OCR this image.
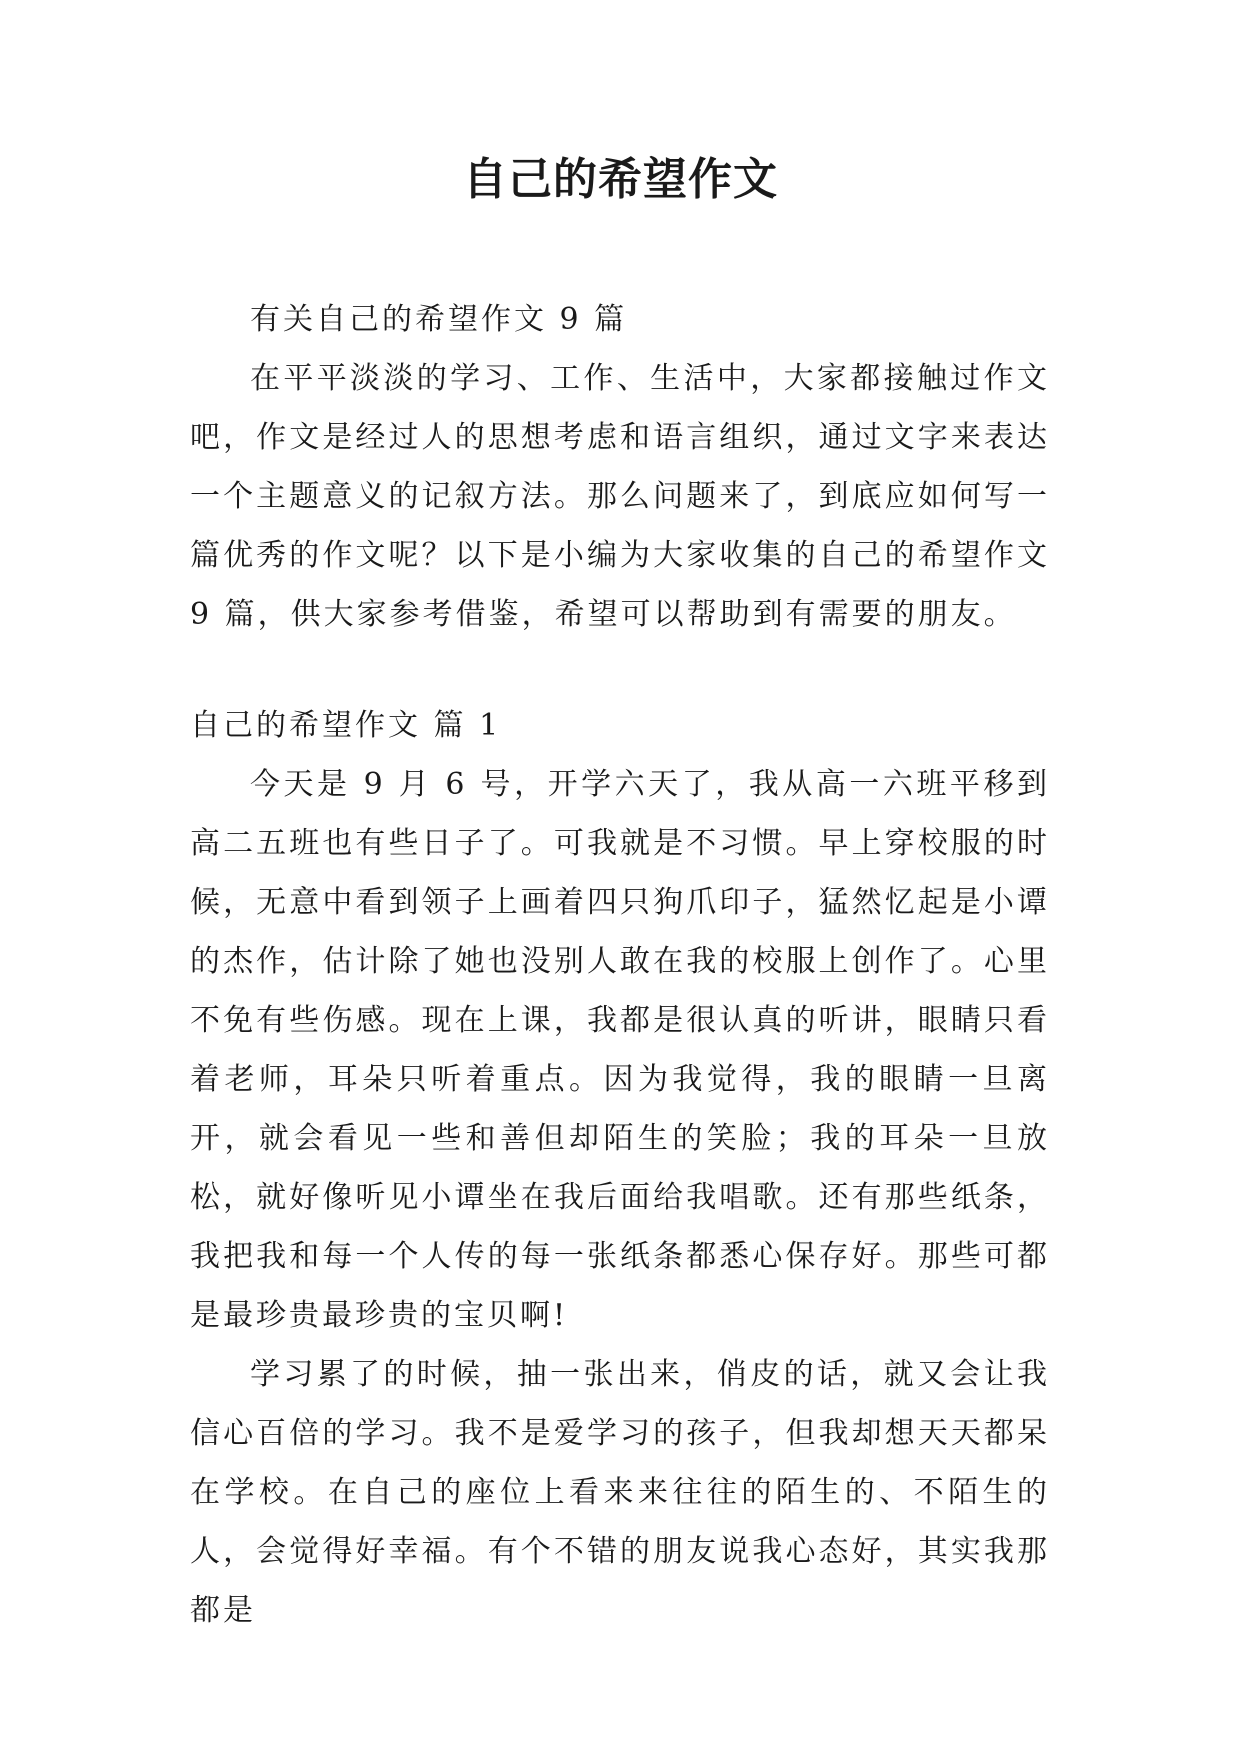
自己的希望作文

有关自己的希望作文 9 篇

在平平淡淡的学习、工作、生活中，大家都接触过作文吧，作文是经过人的思想考虑和语言组织，通过文字来表达一个主题意义的记叙方法。那么问题来了，到底应如何写一篇优秀的作文呢？以下是小编为大家收集的自己的希望作文 9 篇，供大家参考借鉴，希望可以帮助到有需要的朋友。

自己的希望作文 篇 1

今天是 9 月 6 号，开学六天了，我从高一六班平移到高二五班也有些日子了。可我就是不习惯。早上穿校服的时候，无意中看到领子上画着四只狗爪印子，猛然忆起是小谭的杰作，估计除了她也没别人敢在我的校服上创作了。心里不免有些伤感。现在上课，我都是很认真的听讲，眼睛只看着老师，耳朵只听着重点。因为我觉得，我的眼睛一旦离开，就会看见一些和善但却陌生的笑脸；我的耳朵一旦放松，就好像听见小谭坐在我后面给我唱歌。还有那些纸条，我把我和每一个人传的每一张纸条都悉心保存好。那些可都是最珍贵最珍贵的宝贝啊!

学习累了的时候，抽一张出来，俏皮的话，就又会让我信心百倍的学习。我不是爱学习的孩子，但我却想天天都呆在学校。在自己的座位上看来来往往的陌生的、不陌生的人，会觉得好幸福。有个不错的朋友说我心态好，其实我那都是
